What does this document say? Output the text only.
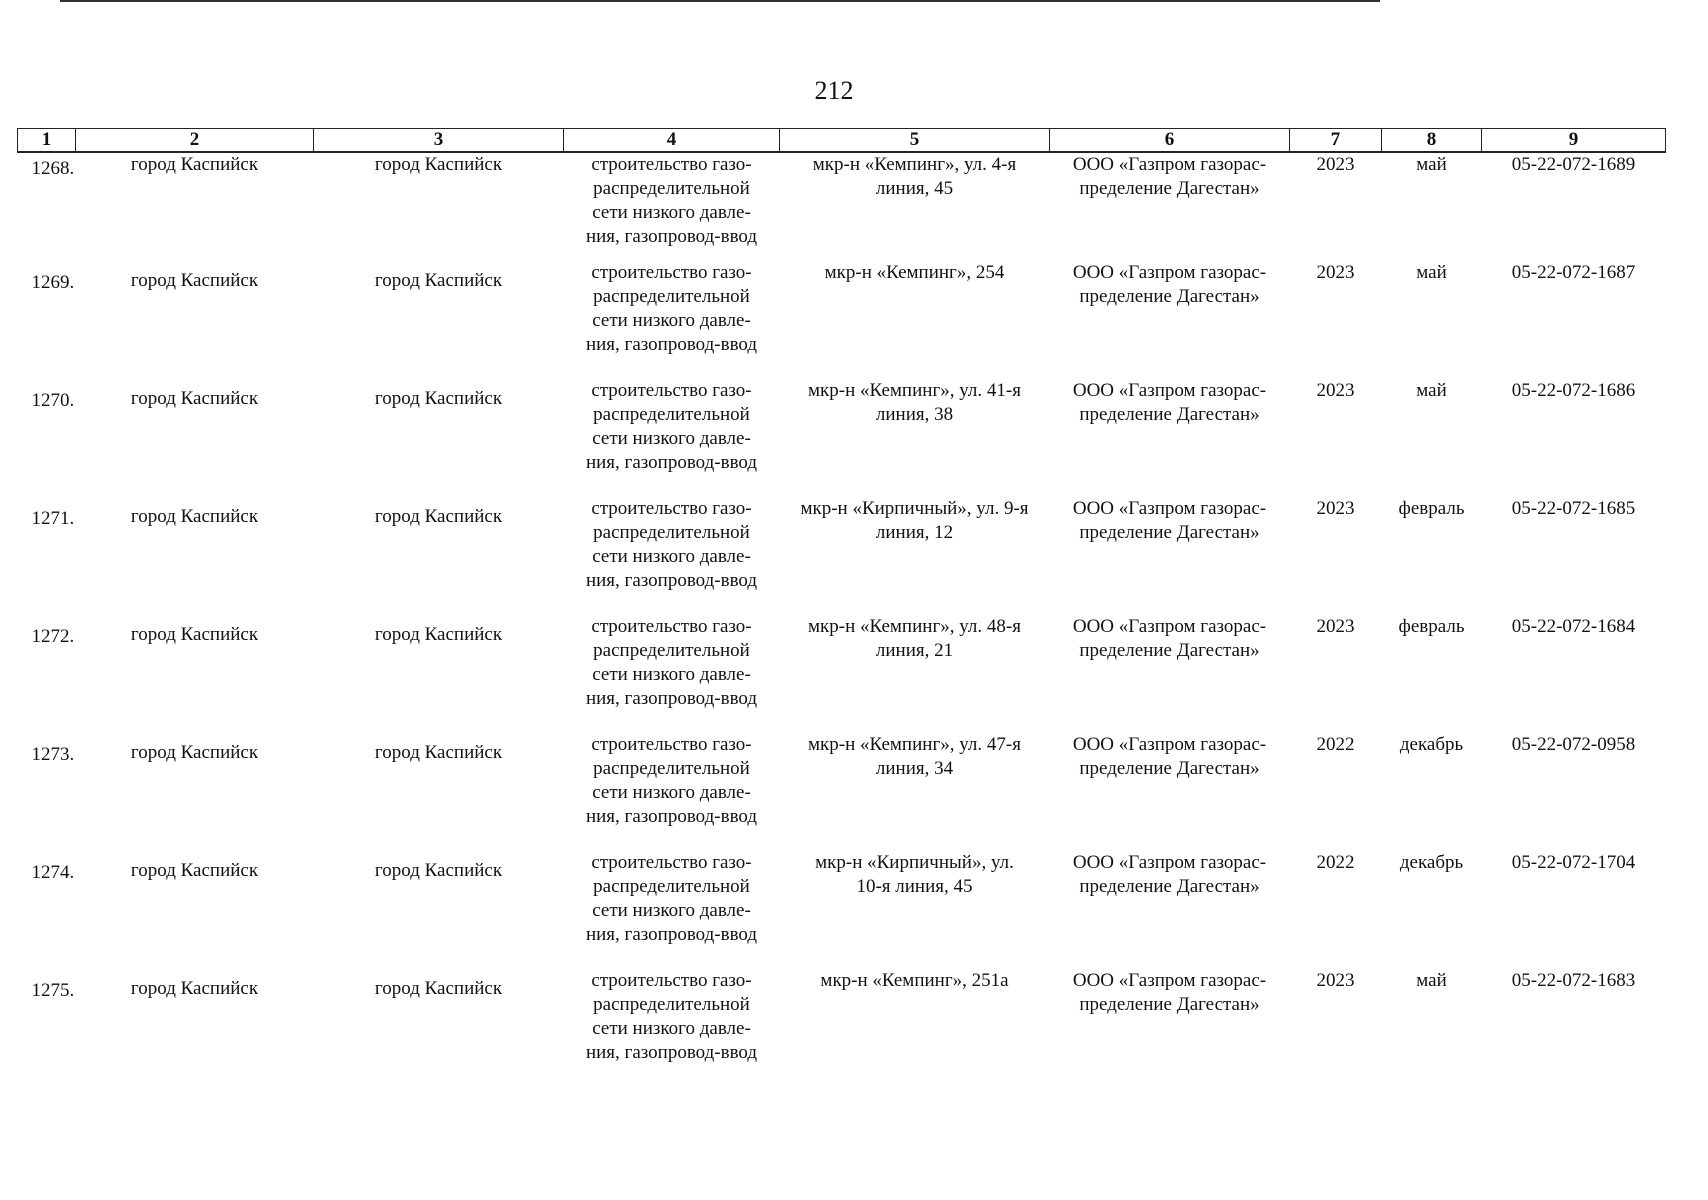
212
1	2	3	4	5	6	7	8	9
1268.	город Каспийск	город Каспийск	строительство газо-
распределительной
сети низкого давле-
ния, газопровод-ввод	мкр-н «Кемпинг», ул. 4-я
линия, 45	ООО «Газпром газорас-
пределение Дагестан»	2023	май	05-22-072-1689
1269.	город Каспийск	город Каспийск	строительство газо-
распределительной
сети низкого давле-
ния, газопровод-ввод	мкр-н «Кемпинг», 254	ООО «Газпром газорас-
пределение Дагестан»	2023	май	05-22-072-1687
1270.	город Каспийск	город Каспийск	строительство газо-
распределительной
сети низкого давле-
ния, газопровод-ввод	мкр-н «Кемпинг», ул. 41-я
линия, 38	ООО «Газпром газорас-
пределение Дагестан»	2023	май	05-22-072-1686
1271.	город Каспийск	город Каспийск	строительство газо-
распределительной
сети низкого давле-
ния, газопровод-ввод	мкр-н «Кирпичный», ул. 9-я
линия, 12	ООО «Газпром газорас-
пределение Дагестан»	2023	февраль	05-22-072-1685
1272.	город Каспийск	город Каспийск	строительство газо-
распределительной
сети низкого давле-
ния, газопровод-ввод	мкр-н «Кемпинг», ул. 48-я
линия, 21	ООО «Газпром газорас-
пределение Дагестан»	2023	февраль	05-22-072-1684
1273.	город Каспийск	город Каспийск	строительство газо-
распределительной
сети низкого давле-
ния, газопровод-ввод	мкр-н «Кемпинг», ул. 47-я
линия, 34	ООО «Газпром газорас-
пределение Дагестан»	2022	декабрь	05-22-072-0958
1274.	город Каспийск	город Каспийск	строительство газо-
распределительной
сети низкого давле-
ния, газопровод-ввод	мкр-н «Кирпичный», ул.
10-я линия, 45	ООО «Газпром газорас-
пределение Дагестан»	2022	декабрь	05-22-072-1704
1275.	город Каспийск	город Каспийск	строительство газо-
распределительной
сети низкого давле-
ния, газопровод-ввод	мкр-н «Кемпинг», 251а	ООО «Газпром газорас-
пределение Дагестан»	2023	май	05-22-072-1683
